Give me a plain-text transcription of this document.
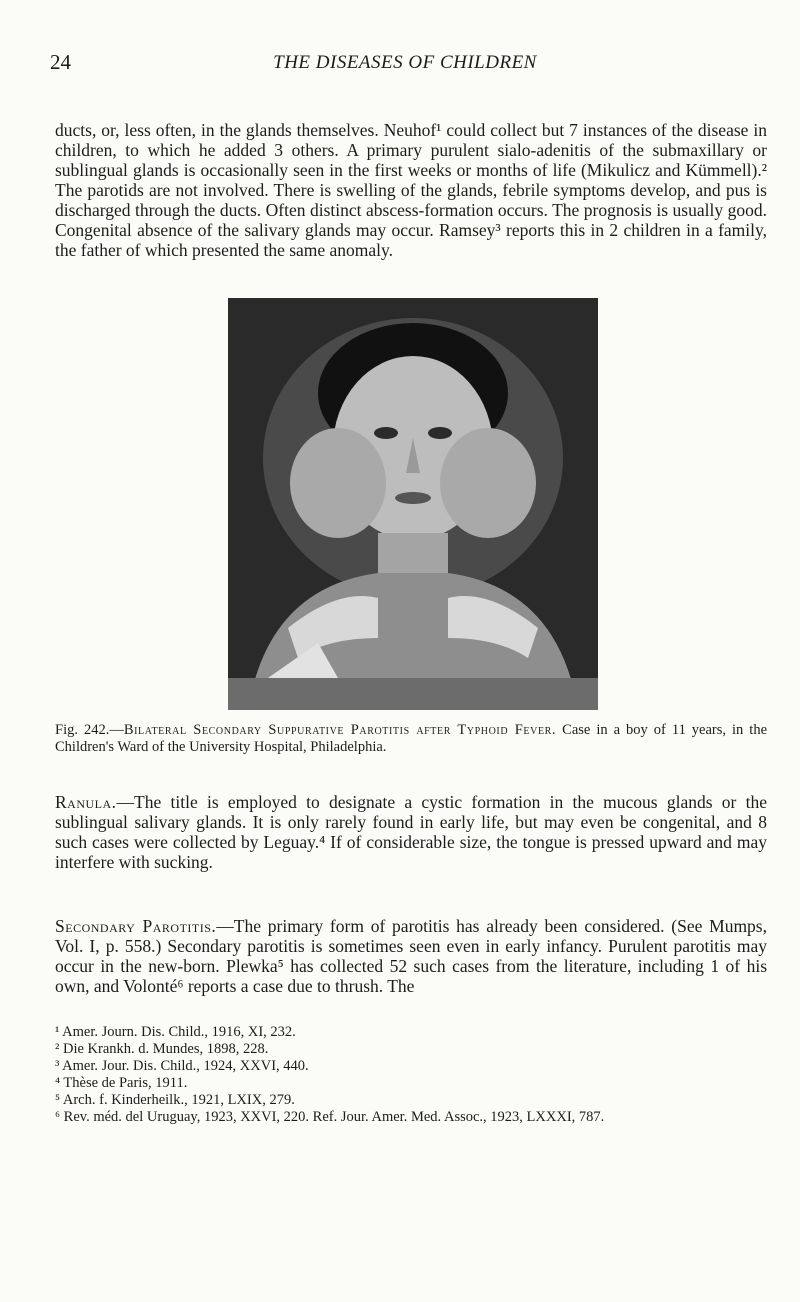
24	THE DISEASES OF CHILDREN

ducts, or, less often, in the glands themselves. Neuhof¹ could collect but 7 instances of the disease in children, to which he added 3 others. A primary purulent sialo-adenitis of the submaxillary or sublingual glands is occasionally seen in the first weeks or months of life (Mikulicz and Kümmell).² The parotids are not involved. There is swelling of the glands, febrile symptoms develop, and pus is discharged through the ducts. Often distinct abscess-formation occurs. The prognosis is usually good. Congenital absence of the salivary glands may occur. Ramsey³ reports this in 2 children in a family, the father of which presented the same anomaly.

Fig. 242.—Bilateral Secondary Suppurative Parotitis after Typhoid Fever. Case in a boy of 11 years, in the Children's Ward of the University Hospital, Philadelphia.

Ranula.—The title is employed to designate a cystic formation in the mucous glands or the sublingual salivary glands. It is only rarely found in early life, but may even be congenital, and 8 such cases were collected by Leguay.⁴ If of considerable size, the tongue is pressed upward and may interfere with sucking.

Secondary Parotitis.—The primary form of parotitis has already been considered. (See Mumps, Vol. I, p. 558.) Secondary parotitis is sometimes seen even in early infancy. Purulent parotitis may occur in the new-born. Plewka⁵ has collected 52 such cases from the literature, including 1 of his own, and Volonté⁶ reports a case due to thrush. The

¹ Amer. Journ. Dis. Child., 1916, XI, 232.
² Die Krankh. d. Mundes, 1898, 228.
³ Amer. Jour. Dis. Child., 1924, XXVI, 440.
⁴ Thèse de Paris, 1911.
⁵ Arch. f. Kinderheilk., 1921, LXIX, 279.
⁶ Rev. méd. del Uruguay, 1923, XXVI, 220. Ref. Jour. Amer. Med. Assoc., 1923, LXXXI, 787.
